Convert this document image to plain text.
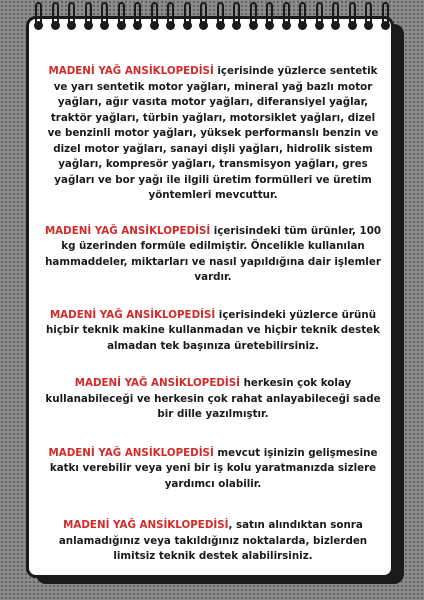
MADENİ YAĞ ANSİKLOPEDİSİ içerisinde yüzlerce sentetik ve yarı sentetik motor yağları, mineral yağ bazlı motor yağları, ağır vasıta motor yağları, diferansiyel yağlar, traktör yağları, türbin yağları, motorsiklet yağları, dizel ve benzinli motor yağları, yüksek performanslı benzin ve dizel motor yağları, sanayi dişli yağları, hidrolik sistem yağları, kompresör yağları, transmisyon yağları, gres yağları ve bor yağı ile ilgili üretim formülleri ve üretim yöntemleri mevcuttur.

MADENİ YAĞ ANSİKLOPEDİSİ içerisindeki tüm ürünler, 100 kg üzerinden formüle edilmiştir. Öncelikle kullanılan hammaddeler, miktarları ve nasıl yapıldığına dair işlemler vardır.

MADENİ YAĞ ANSİKLOPEDİSİ içerisindeki yüzlerce ürünü hiçbir teknik makine kullanmadan ve hiçbir teknik destek almadan tek başınıza üretebilirsiniz.

MADENİ YAĞ ANSİKLOPEDİSİ herkesin çok kolay kullanabileceği ve herkesin çok rahat anlayabileceği sade bir dille yazılmıştır.

MADENİ YAĞ ANSİKLOPEDİSİ mevcut işinizin gelişmesine katkı verebilir veya yeni bir iş kolu yaratmanızda sizlere yardımcı olabilir.

MADENİ YAĞ ANSİKLOPEDİSİ, satın alındıktan sonra anlamadığınız veya takıldığınız noktalarda, bizlerden limitsiz teknik destek alabilirsiniz.
